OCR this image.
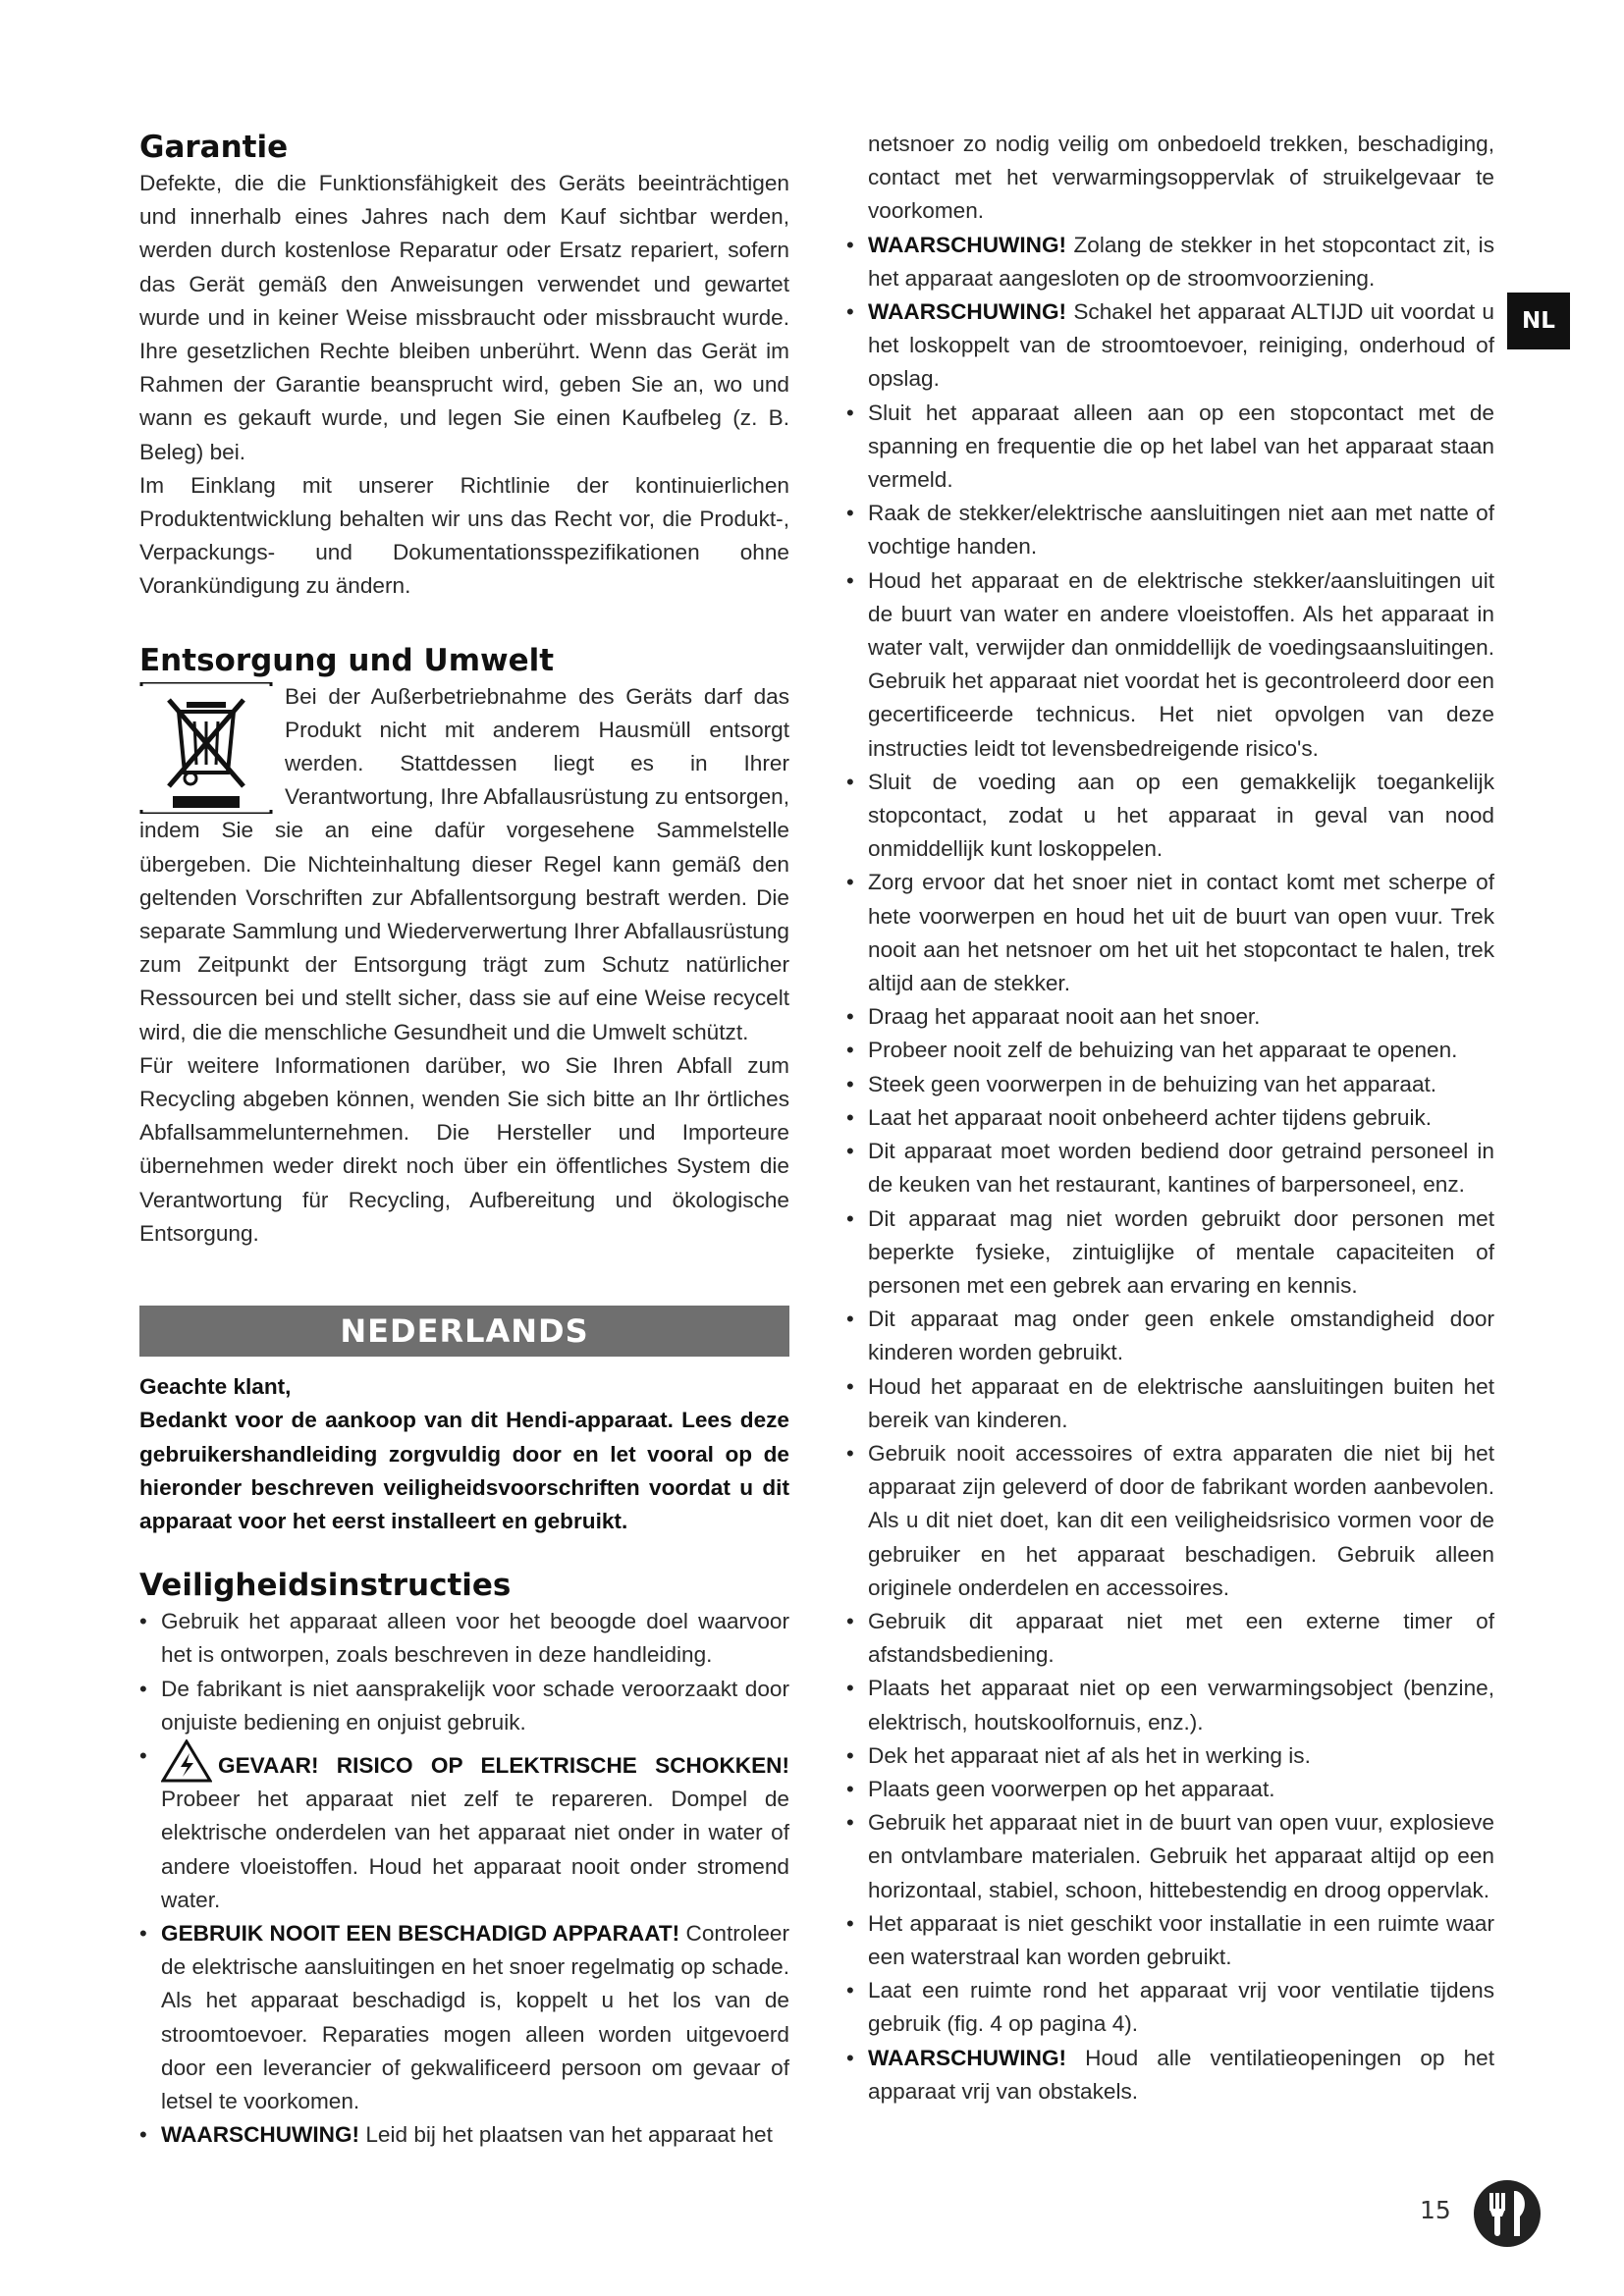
Garantie

Defekte, die die Funktionsfähigkeit des Geräts beeinträchtigen und innerhalb eines Jahres nach dem Kauf sichtbar werden, werden durch kostenlose Reparatur oder Ersatz repariert, sofern das Gerät gemäß den Anweisungen verwendet und gewartet wurde und in keiner Weise missbraucht oder missbraucht wurde. Ihre gesetzlichen Rechte bleiben unberührt. Wenn das Gerät im Rahmen der Garantie beansprucht wird, geben Sie an, wo und wann es gekauft wurde, und legen Sie einen Kaufbeleg (z. B. Beleg) bei.

Im Einklang mit unserer Richtlinie der kontinuierlichen Produktentwicklung behalten wir uns das Recht vor, die Produkt-, Verpackungs- und Dokumentationsspezifikationen ohne Vorankündigung zu ändern.

Entsorgung und Umwelt

Bei der Außerbetriebnahme des Geräts darf das Produkt nicht mit anderem Hausmüll entsorgt werden. Stattdessen liegt es in Ihrer Verantwortung, Ihre Abfallausrüstung zu entsorgen, indem Sie sie an eine dafür vorgesehene Sammelstelle übergeben. Die Nichteinhaltung dieser Regel kann gemäß den geltenden Vorschriften zur Abfallentsorgung bestraft werden. Die separate Sammlung und Wiederverwertung Ihrer Abfallausrüstung zum Zeitpunkt der Entsorgung trägt zum Schutz natürlicher Ressourcen bei und stellt sicher, dass sie auf eine Weise recycelt wird, die die menschliche Gesundheit und die Umwelt schützt.

Für weitere Informationen darüber, wo Sie Ihren Abfall zum Recycling abgeben können, wenden Sie sich bitte an Ihr örtliches Abfallsammelunternehmen. Die Hersteller und Importeure übernehmen weder direkt noch über ein öffentliches System die Verantwortung für Recycling, Aufbereitung und ökologische Entsorgung.

NEDERLANDS

Geachte klant,

Bedankt voor de aankoop van dit Hendi-apparaat. Lees deze gebruikershandleiding zorgvuldig door en let vooral op de hieronder beschreven veiligheidsvoorschriften voordat u dit apparaat voor het eerst installeert en gebruikt.

Veiligheidsinstructies
• Gebruik het apparaat alleen voor het beoogde doel waarvoor het is ontworpen, zoals beschreven in deze handleiding.
• De fabrikant is niet aansprakelijk voor schade veroorzaakt door onjuiste bediening en onjuist gebruik.
• GEVAAR! RISICO OP ELEKTRISCHE SCHOKKEN! Probeer het apparaat niet zelf te repareren. Dompel de elektrische onderdelen van het apparaat niet onder in water of andere vloeistoffen. Houd het apparaat nooit onder stromend water.
• GEBRUIK NOOIT EEN BESCHADIGD APPARAAT! Controleer de elektrische aansluitingen en het snoer regelmatig op schade. Als het apparaat beschadigd is, koppelt u het los van de stroomtoevoer. Reparaties mogen alleen worden uitgevoerd door een leverancier of gekwalificeerd persoon om gevaar of letsel te voorkomen.
• WAARSCHUWING! Leid bij het plaatsen van het apparaat het

netsnoer zo nodig veilig om onbedoeld trekken, beschadiging, contact met het verwarmingsoppervlak of struikelgevaar te voorkomen.

• WAARSCHUWING! Zolang de stekker in het stopcontact zit, is het apparaat aangesloten op de stroomvoorziening.
• WAARSCHUWING! Schakel het apparaat ALTIJD uit voordat u het loskoppelt van de stroomtoevoer, reiniging, onderhoud of opslag.
• Sluit het apparaat alleen aan op een stopcontact met de spanning en frequentie die op het label van het apparaat staan vermeld.
• Raak de stekker/elektrische aansluitingen niet aan met natte of vochtige handen.
• Houd het apparaat en de elektrische stekker/aansluitingen uit de buurt van water en andere vloeistoffen. Als het apparaat in water valt, verwijder dan onmiddellijk de voedingsaansluitingen. Gebruik het apparaat niet voordat het is gecontroleerd door een gecertificeerde technicus. Het niet opvolgen van deze instructies leidt tot levensbedreigende risico's.
• Sluit de voeding aan op een gemakkelijk toegankelijk stopcontact, zodat u het apparaat in geval van nood onmiddellijk kunt loskoppelen.
• Zorg ervoor dat het snoer niet in contact komt met scherpe of hete voorwerpen en houd het uit de buurt van open vuur. Trek nooit aan het netsnoer om het uit het stopcontact te halen, trek altijd aan de stekker.
• Draag het apparaat nooit aan het snoer.
• Probeer nooit zelf de behuizing van het apparaat te openen.
• Steek geen voorwerpen in de behuizing van het apparaat.
• Laat het apparaat nooit onbeheerd achter tijdens gebruik.
• Dit apparaat moet worden bediend door getraind personeel in de keuken van het restaurant, kantines of barpersoneel, enz.
• Dit apparaat mag niet worden gebruikt door personen met beperkte fysieke, zintuiglijke of mentale capaciteiten of personen met een gebrek aan ervaring en kennis.
• Dit apparaat mag onder geen enkele omstandigheid door kinderen worden gebruikt.
• Houd het apparaat en de elektrische aansluitingen buiten het bereik van kinderen.
• Gebruik nooit accessoires of extra apparaten die niet bij het apparaat zijn geleverd of door de fabrikant worden aanbevolen. Als u dit niet doet, kan dit een veiligheidsrisico vormen voor de gebruiker en het apparaat beschadigen. Gebruik alleen originele onderdelen en accessoires.
• Gebruik dit apparaat niet met een externe timer of afstandsbediening.
• Plaats het apparaat niet op een verwarmingsobject (benzine, elektrisch, houtskoolfornuis, enz.).
• Dek het apparaat niet af als het in werking is.
• Plaats geen voorwerpen op het apparaat.
• Gebruik het apparaat niet in de buurt van open vuur, explosieve en ontvlambare materialen. Gebruik het apparaat altijd op een horizontaal, stabiel, schoon, hittebestendig en droog oppervlak.
• Het apparaat is niet geschikt voor installatie in een ruimte waar een waterstraal kan worden gebruikt.
• Laat een ruimte rond het apparaat vrij voor ventilatie tijdens gebruik (fig. 4 op pagina 4).
• WAARSCHUWING! Houd alle ventilatieopeningen op het apparaat vrij van obstakels.
NL
15
